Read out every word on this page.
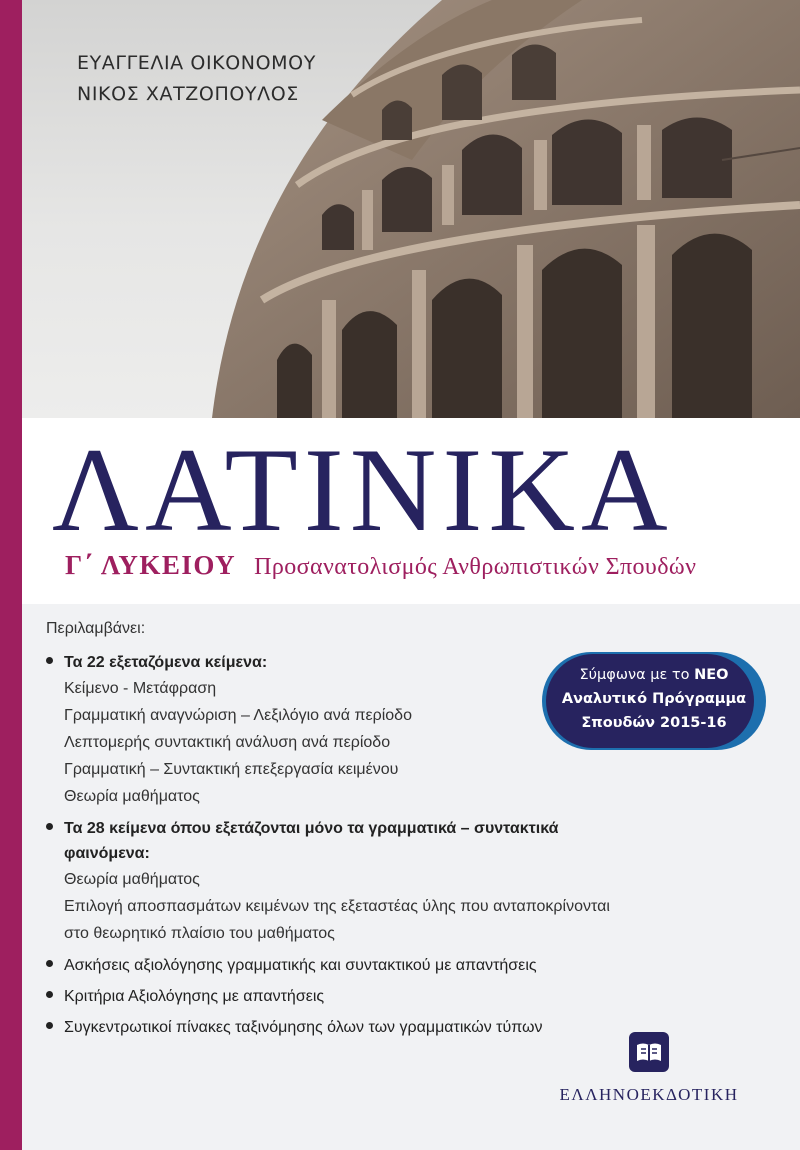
ΕΥΑΓΓΕΛΙΑ ΟΙΚΟΝΟΜΟΥ
ΝΙΚΟΣ ΧΑΤΖΟΠΟΥΛΟΣ
ΛΑΤΙΝΙΚΑ
Γ΄ ΛΥΚΕΙΟΥ Προσανατολισμός Ανθρωπιστικών Σπουδών
Περιλαμβάνει:
Τα 22 εξεταζόμενα κείμενα:
Κείμενο - Μετάφραση
Γραμματική αναγνώριση – Λεξιλόγιο ανά περίοδο
Λεπτομερής συντακτική ανάλυση ανά περίοδο
Γραμματική – Συντακτική επεξεργασία κειμένου
Θεωρία μαθήματος
Τα 28 κείμενα όπου εξετάζονται μόνο τα γραμματικά – συντακτικά φαινόμενα:
Θεωρία μαθήματος
Επιλογή αποσπασμάτων κειμένων της εξεταστέας ύλης που ανταποκρίνονται
στο θεωρητικό πλαίσιο του μαθήματος
Ασκήσεις αξιολόγησης γραμματικής και συντακτικού με απαντήσεις
Κριτήρια Αξιολόγησης με απαντήσεις
Συγκεντρωτικοί πίνακες ταξινόμησης όλων των γραμματικών τύπων
Σύμφωνα με το ΝΕΟ
Αναλυτικό Πρόγραμμα
Σπουδών 2015-16
ΕΛΛΗΝΟΕΚΔΟΤΙΚΗ
